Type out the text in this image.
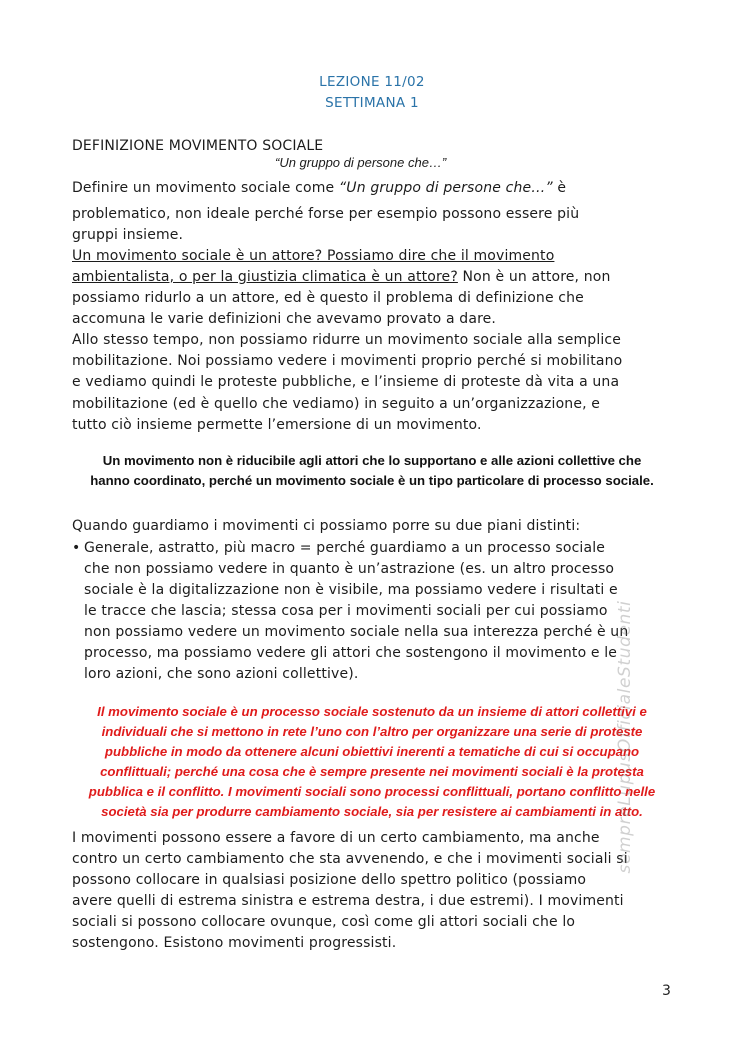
LEZIONE 11/02
SETTIMANA 1
DEFINIZIONE MOVIMENTO SOCIALE
“Un gruppo di persone che…”
Definire un movimento sociale come “Un gruppo di persone che…” è
problematico, non ideale perché forse per esempio possono essere più
gruppi insieme.
Un movimento sociale è un attore? Possiamo dire che il movimento
ambientalista, o per la giustizia climatica è un attore? Non è un attore, non
possiamo ridurlo a un attore, ed è questo il problema di definizione che
accomuna le varie definizioni che avevamo provato a dare.
Allo stesso tempo, non possiamo ridurre un movimento sociale alla semplice
mobilitazione. Noi possiamo vedere i movimenti proprio perché si mobilitano
e vediamo quindi le proteste pubbliche, e l’insieme di proteste dà vita a una
mobilitazione (ed è quello che vediamo) in seguito a un’organizzazione, e
tutto ciò insieme permette l’emersione di un movimento.
Un movimento non è riducibile agli attori che lo supportano e alle azioni collettive che
hanno coordinato, perché un movimento sociale è un tipo particolare di processo sociale.
Quando guardiamo i movimenti ci possiamo porre su due piani distinti:
• Generale, astratto, più macro = perché guardiamo a un processo sociale
che non possiamo vedere in quanto è un’astrazione (es. un altro processo
sociale è la digitalizzazione non è visibile, ma possiamo vedere i risultati e
le tracce che lascia; stessa cosa per i movimenti sociali per cui possiamo
non possiamo vedere un movimento sociale nella sua interezza perché è un
processo, ma possiamo vedere gli attori che sostengono il movimento e le
loro azioni, che sono azioni collettive).
Il movimento sociale è un processo sociale sostenuto da un insieme di attori collettivi e
individuali che si mettono in rete l’uno con l’altro per organizzare una serie di proteste
pubbliche in modo da ottenere alcuni obiettivi inerenti a tematiche di cui si occupano
conflittuali; perché una cosa che è sempre presente nei movimenti sociali è la protesta
pubblica e il conflitto. I movimenti sociali sono processi conflittuali, portano conflitto nelle
società sia per produrre cambiamento sociale, sia per resistere ai cambiamenti in atto.
I movimenti possono essere a favore di un certo cambiamento, ma anche
contro un certo cambiamento che sta avvenendo, e che i movimenti sociali si
possono collocare in qualsiasi posizione dello spettro politico (possiamo
avere quelli di estrema sinistra e estrema destra, i due estremi). I movimenti
sociali si possono collocare ovunque, così come gli attori sociali che lo
sostengono. Esistono movimenti progressisti.
sempreLupusOfficialeStudenti
3
